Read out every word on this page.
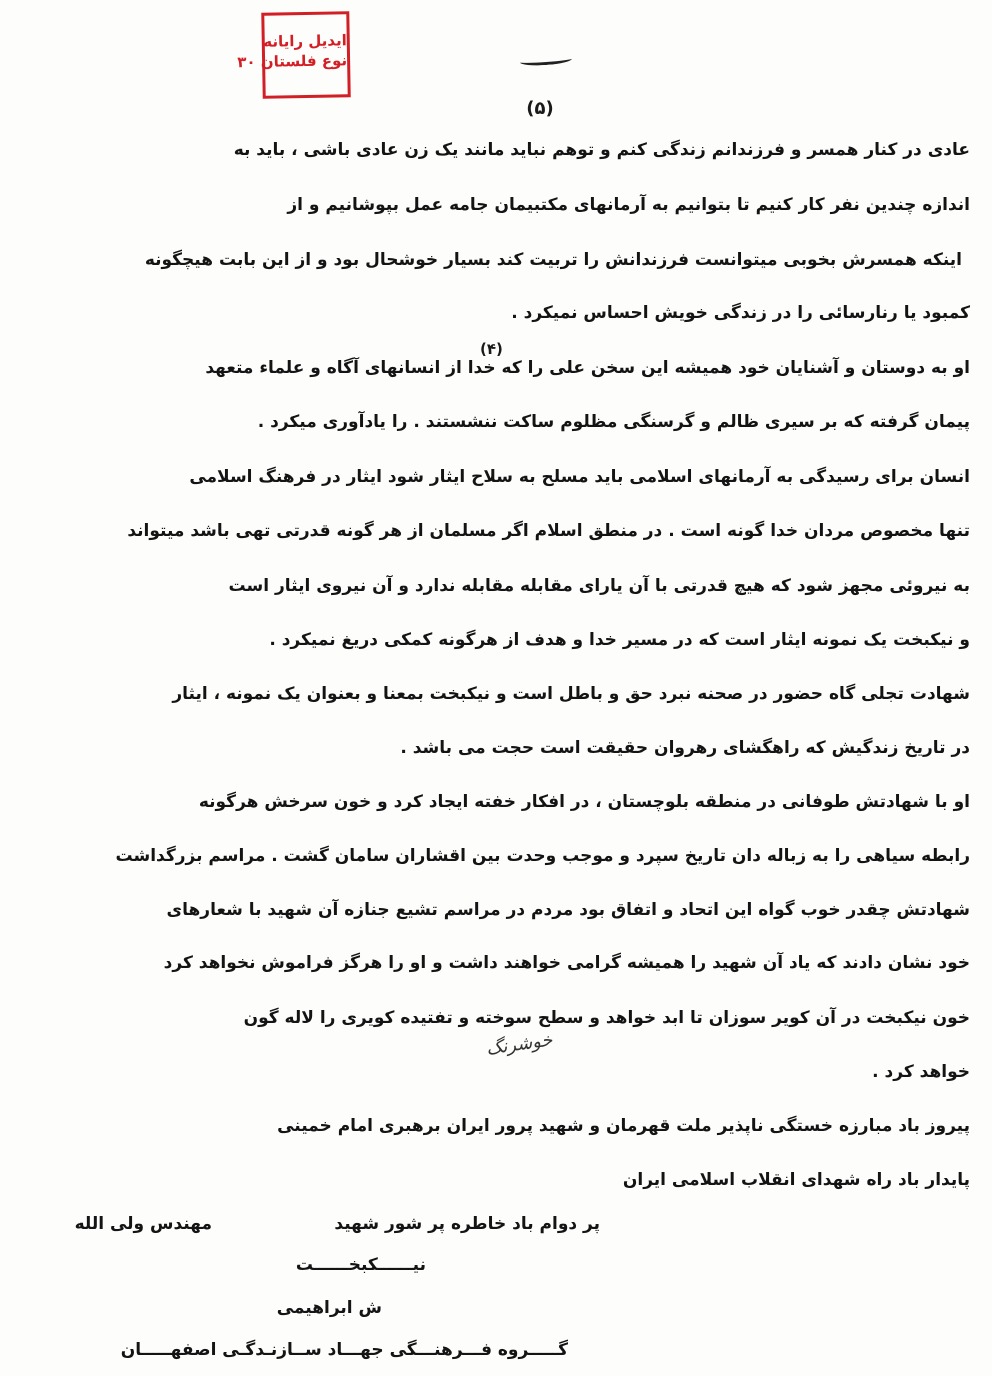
ایدیل رایانه
نوع فلستان ۳۰
(۵)
(۴)
عادی در کنار همسر و فرزندانم زندگی کنم و توهم نباید مانند یک زن عادی باشی ، باید به
اندازه چندین نفر کار کنیم تا بتوانیم به آرمانهای مکتبیمان جامه عمل بپوشانیم و از
اینکه همسرش بخوبی میتوانست فرزندانش را تربیت کند بسیار خوشحال بود و از این بابت هیچگونه
کمبود یا رنارسائی را در زندگی خویش احساس نمیکرد .
او به دوستان و آشنایان خود همیشه این سخن علی را که خدا از انسانهای آگاه و علماء متعهد
پیمان گرفته که بر سیری ظالم و گرسنگی مظلوم ساکت ننشستند . را یادآوری میکرد .
انسان برای رسیدگی به آرمانهای اسلامی باید مسلح به سلاح ایثار شود ایثار در فرهنگ اسلامی
تنها مخصوص مردان خدا گونه است . در منطق اسلام اگر مسلمان از هر گونه قدرتی تهی باشد میتواند
به نیروئی مجهز شود که هیچ قدرتی با آن یارای مقابله مقابله ندارد و آن نیروی ایثار است
و نیکبخت یک نمونه ایثار است که در مسیر خدا و هدف از هرگونه کمکی دریغ نمیکرد .
شهادت تجلی گاه حضور در صحنه نبرد حق و باطل است و نیکبخت بمعنا و بعنوان یک نمونه ، ایثار
در تاریخ زندگیش که راهگشای رهروان حقیقت است حجت می باشد .
او با شهادتش طوفانی در منطقه بلوچستان ، در افکار خفته ایجاد کرد و خون سرخش هرگونه
رابطه سیاهی را به زباله دان تاریخ سپرد و موجب وحدت بین اقشاران سامان گشت . مراسم بزرگداشت
شهادتش چقدر خوب گواه این اتحاد و اتفاق بود مردم در مراسم تشیع جنازه آن شهید با شعارهای
خود نشان دادند که یاد آن شهید را همیشه گرامی خواهند داشت و او را هرگز فراموش نخواهد کرد
خون نیکبخت در آن کویر سوزان تا ابد خواهد و سطح سوخته و تفتیده کویری را لاله گون
خواهد کرد .
پیروز باد مبارزه خستگی ناپذیر ملت قهرمان و شهید پرور ایران برهبری امام خمینی
پایدار باد راه شهدای انقلاب اسلامی ایران
خوشرنگ
پر دوام باد خاطره پر شور شهید
مهندس ولی الله
نیــــــکبخــــــت
ش ابراهیمی
گـــــروه فـــرهنـــگی جهـــاد ســازنـدگـی اصفهـــــان
